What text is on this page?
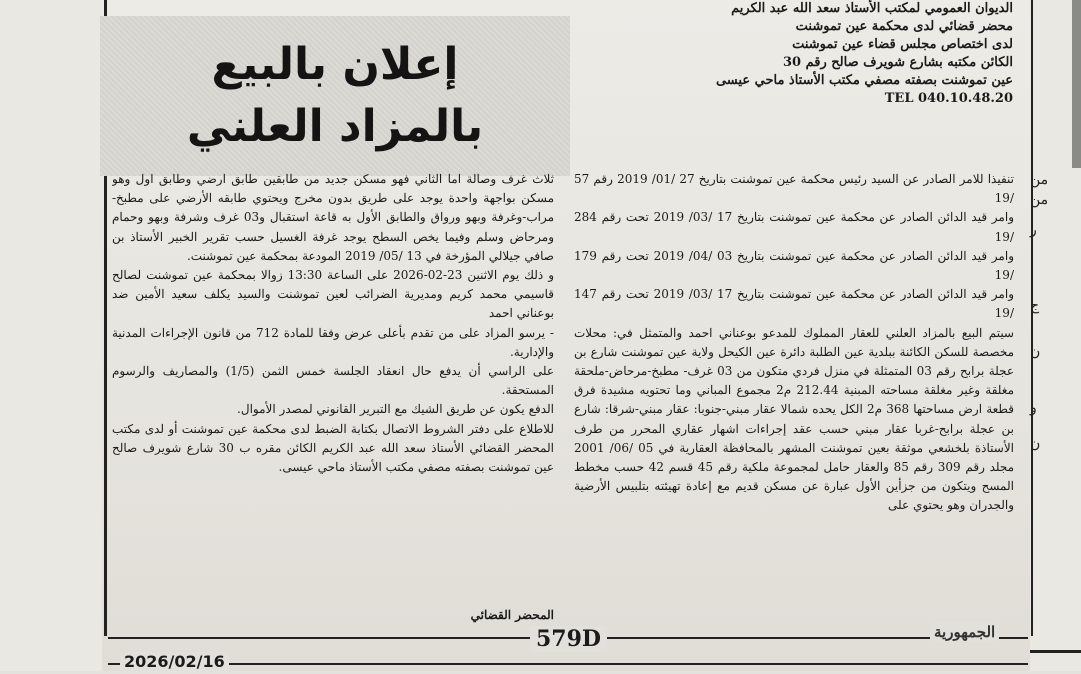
من
من
ر
ج
ن
و
ن
الديوان العمومي لمكتب الأستاذ سعد الله عبد الكريم
محضر قضائي لدى محكمة عين تموشنت
لدى اختصاص مجلس قضاء عين تموشنت
الكائن مكتبه بشارع شويرف صالح رقم 30
عين تموشنت بصفته مصفي مكتب الأستاذ ماحي عيسى
TEL 040.10.48.20
إعلان بالبيع
بالمزاد العلني

تنفيذا للامر الصادر عن السيد رئيس محكمة عين تموشنت بتاريخ 27 /01/ 2019 رقم 57 /19

وامر قيد الدائن الصادر عن محكمة عين تموشنت بتاريخ 17 /03/ 2019 تحت رقم 284 /19

وامر قيد الدائن الصادر عن محكمة عين تموشنت بتاريخ 03 /04/ 2019 تحت رقم 179 /19

وامر قيد الدائن الصادر عن محكمة عين تموشنت بتاريخ 17 /03/ 2019 تحت رقم 147 /19

سيتم البيع بالمزاد العلني للعقار المملوك للمدعو بوعناني احمد والمتمثل في: محلات مخصصة للسكن الكائنة ببلدية عين الطلبة دائرة عين الكيحل ولاية عين تموشنت شارع بن عجلة برابح رقم 03 المتمثلة في منزل فردي متكون من 03 غرف- مطبخ-مرحاض-ملحقة مغلقة وغير مغلقة مساحته المبنية 212.44 م2 مجموع المباني وما تحتويه مشيدة فرق قطعة ارض مساحتها 368 م2 الكل يحده شمالا عقار مبني-جنوبا: عقار مبني-شرقا: شارع بن عجلة برابح-غربا عقار مبني حسب عقد إجراءات اشهار عقاري المحرر من طرف الأستاذة بلخشعي موثقة بعين تموشنت المشهر بالمحافظة العقارية في 05 /06/ 2001 مجلد رقم 309 رقم 85 والعقار حامل لمجموعة ملكية رقم 45 قسم 42 حسب مخطط المسح ويتكون من جزأين الأول عبارة عن مسكن قديم مع إعادة تهيئته بتلبيس الأرضية والجدران وهو يحتوي على

ثلاث غرف وصالة اما الثاني فهو مسكن جديد من طابقين طابق ارضي وطابق اول وهو مسكن بواجهة واحدة يوجد على طريق بدون مخرج ويحتوي طابقه الأرضي على مطبخ-مراب-وغرفة وبهو ورواق والطابق الأول به قاعة استقبال و03 غرف وشرفة وبهو وحمام ومرحاض وسلم وفيما يخص السطح يوجد غرفة الغسيل حسب تقرير الخبير الأستاذ بن صافي جيلالي المؤرخة في 13 /05/ 2019 المودعة بمحكمة عين تموشنت.

و ذلك يوم الاثنين 23-02-2026 على الساعة 13:30 زوالا بمحكمة عين تموشنت لصالح قاسيمي محمد كريم ومديرية الضرائب لعين تموشنت والسيد يكلف سعيد الأمين ضد بوعناني احمد

- يرسو المزاد على من تقدم بأعلى عرض وفقا للمادة 712 من قانون الإجراءات المدنية والإدارية.

على الراسي أن يدفع حال انعقاد الجلسة خمس الثمن (1/5) والمصاريف والرسوم المستحقة.

الدفع يكون عن طريق الشيك مع التبرير القانوني لمصدر الأموال.

للاطلاع على دفتر الشروط الاتصال بكتابة الضبط لدى محكمة عين تموشنت أو لدى مكتب المحضر القضائي الأستاذ سعد الله عبد الكريم الكائن مقره ب 30 شارع شويرف صالح عين تموشنت بصفته مصفي مكتب الأستاذ ماحي عيسى.

المحضر القضائي
579D	الجمهورية
2026/02/16
